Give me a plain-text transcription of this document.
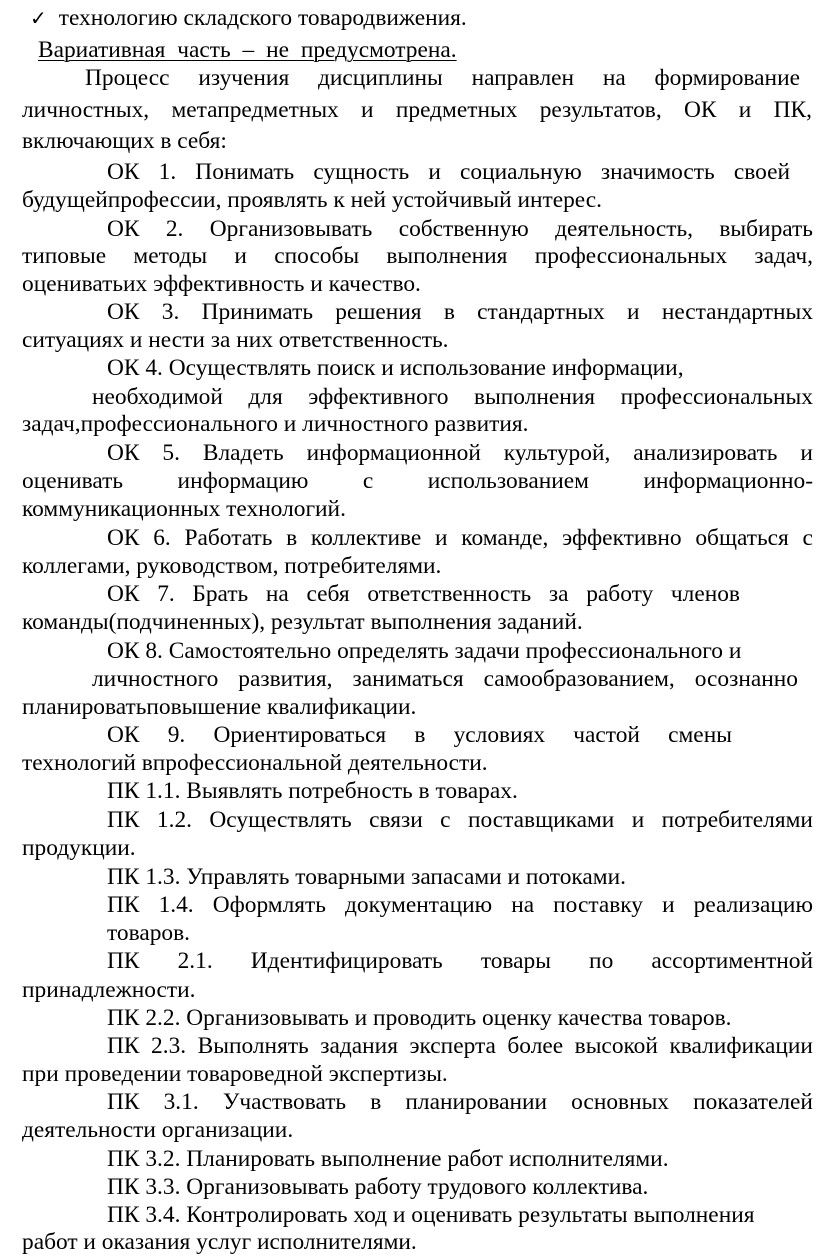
✓ технологию складского товародвижения.
Вариативная часть – не предусмотрена.
Процесс изучения дисциплины направлен на формирование
личностных, метапредметных и предметных результатов, ОК и ПК,
включающих в себя:
ОК 1. Понимать сущность и социальную значимость своей
будущейпрофессии, проявлять к ней устойчивый интерес.
ОК 2. Организовывать собственную деятельность, выбирать
типовые методы и способы выполнения профессиональных задач,
оцениватьих эффективность и качество.
ОК 3. Принимать решения в стандартных и нестандартных
ситуациях и нести за них ответственность.
ОК 4. Осуществлять поиск и использование информации,
необходимой для эффективного выполнения профессиональных
задач,профессионального и личностного развития.
ОК 5. Владеть информационной культурой, анализировать и
оценивать информацию с использованием информационно-
коммуникационных технологий.
ОК 6. Работать в коллективе и команде, эффективно общаться с
коллегами, руководством, потребителями.
ОК 7. Брать на себя ответственность за работу членов
команды(подчиненных), результат выполнения заданий.
ОК 8. Самостоятельно определять задачи профессионального и
личностного развития, заниматься самообразованием, осознанно
планироватьповышение квалификации.
ОК 9. Ориентироваться в условиях частой смены
технологий впрофессиональной деятельности.
ПК 1.1. Выявлять потребность в товарах.
ПК 1.2. Осуществлять связи с поставщиками и потребителями
продукции.
ПК 1.3. Управлять товарными запасами и потоками.
ПК 1.4. Оформлять документацию на поставку и реализацию
товаров.
ПК 2.1. Идентифицировать товары по ассортиментной
принадлежности.
ПК 2.2. Организовывать и проводить оценку качества товаров.
ПК 2.3. Выполнять задания эксперта более высокой квалификации
при проведении товароведной экспертизы.
ПК 3.1. Участвовать в планировании основных показателей
деятельности организации.
ПК 3.2. Планировать выполнение работ исполнителями.
ПК 3.3. Организовывать работу трудового коллектива.
ПК 3.4. Контролировать ход и оценивать результаты выполнения
работ и оказания услуг исполнителями.
